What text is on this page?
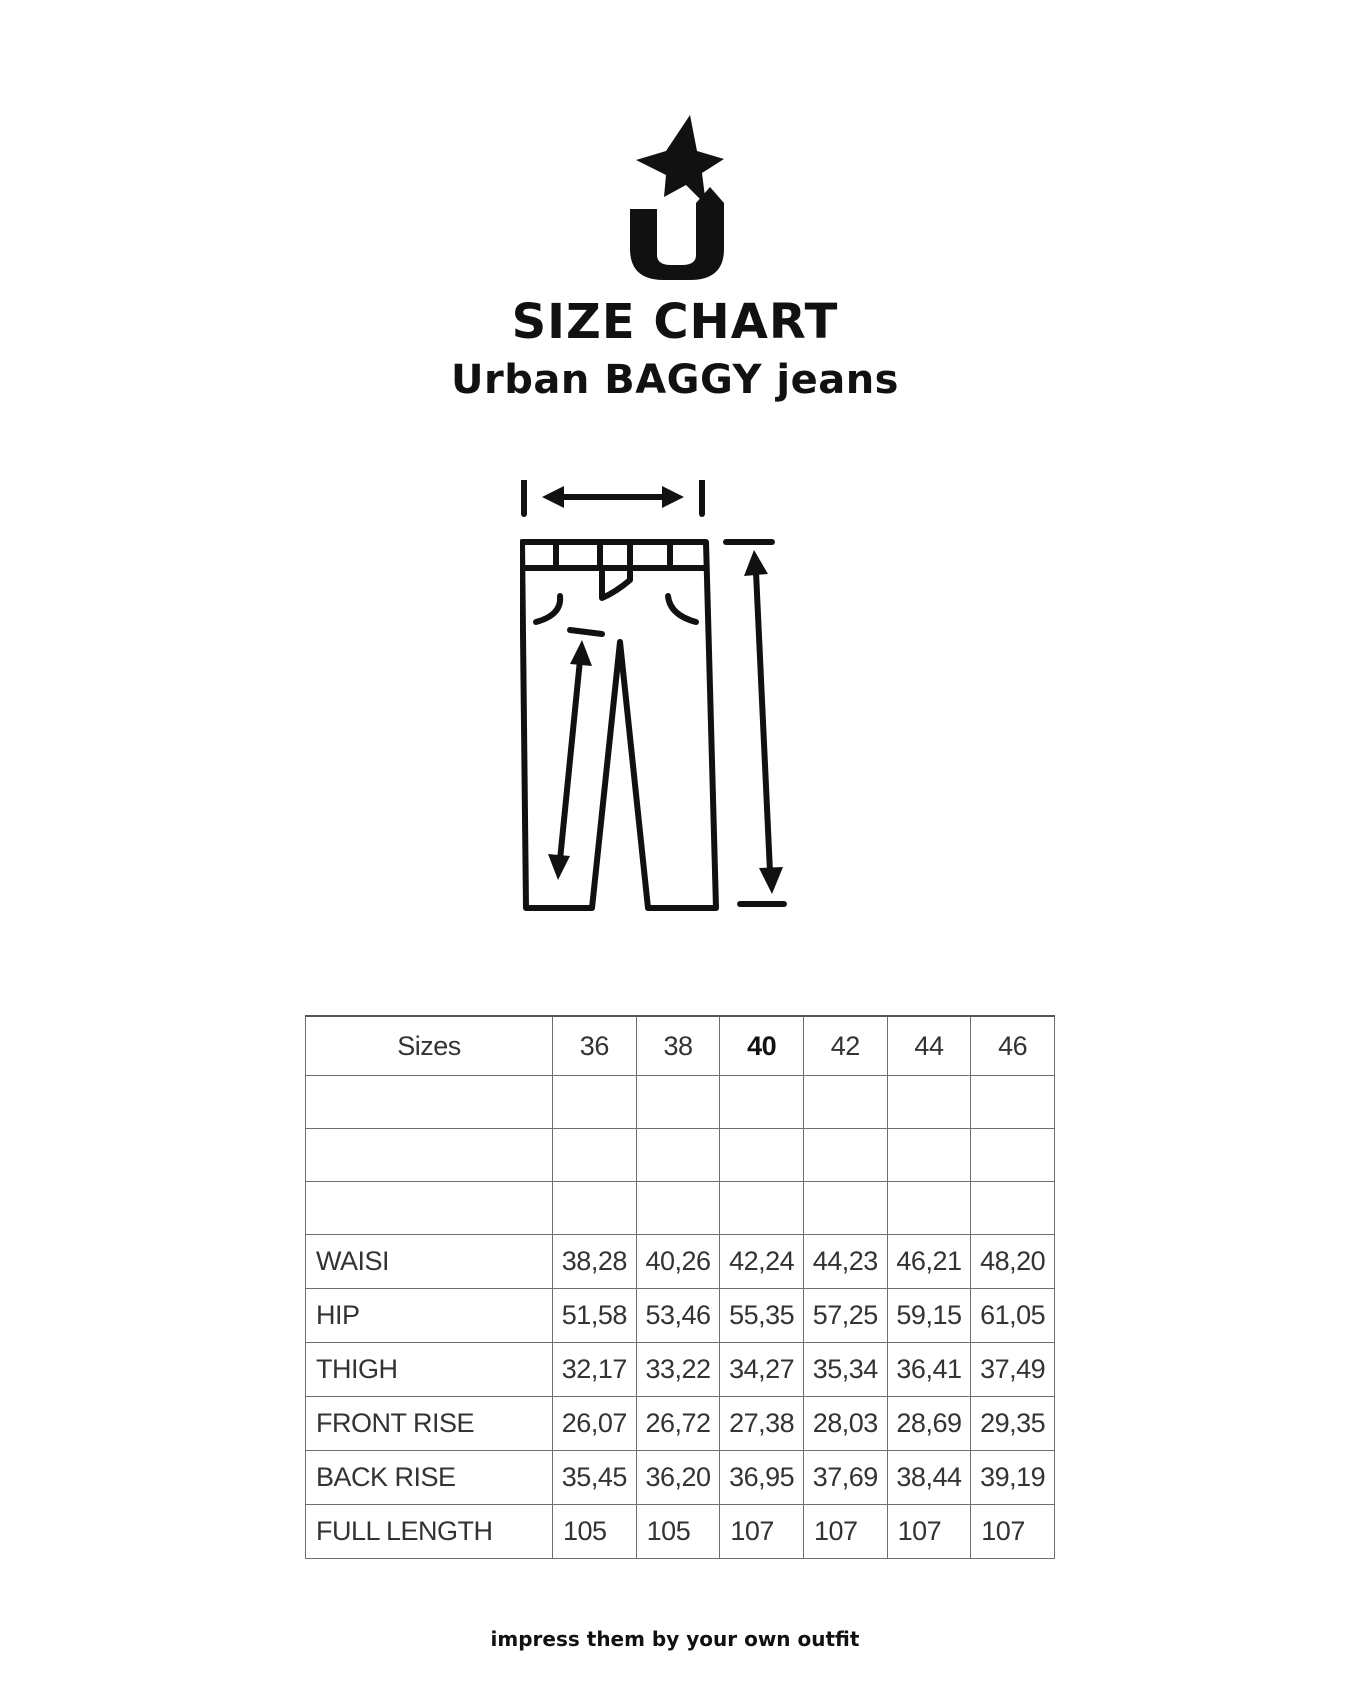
SIZE CHART
Urban BAGGY jeans
Sizes	36	38	40	42	44	46

WAISI	38,28	40,26	42,24	44,23	46,21	48,20
HIP	51,58	53,46	55,35	57,25	59,15	61,05
THIGH	32,17	33,22	34,27	35,34	36,41	37,49
FRONT RISE	26,07	26,72	27,38	28,03	28,69	29,35
BACK RISE	35,45	36,20	36,95	37,69	38,44	39,19
FULL LENGTH	105	105	107	107	107	107
impress them by your own outfit
